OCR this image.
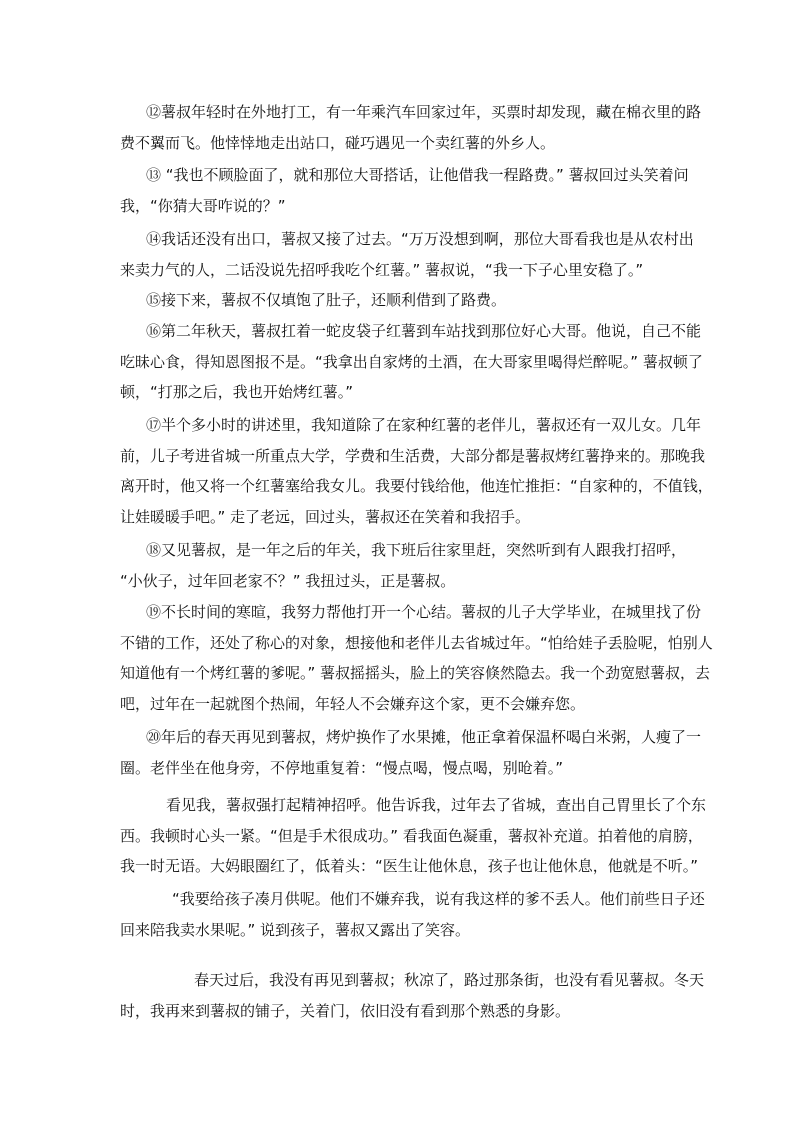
⑫薯叔年轻时在外地打工，有一年乘汽车回家过年，买票时却发现，藏在棉衣里的路
费不翼而飞。他悻悻地走出站口，碰巧遇见一个卖红薯的外乡人。
⑬ “我也不顾脸面了，就和那位大哥搭话，让他借我一程路费。” 薯叔回过头笑着问
我，“你猜大哥咋说的？”
⑭我话还没有出口，薯叔又接了过去。“万万没想到啊，那位大哥看我也是从农村出
来卖力气的人，二话没说先招呼我吃个红薯。” 薯叔说，“我一下子心里安稳了。”
⑮接下来，薯叔不仅填饱了肚子，还顺利借到了路费。
⑯第二年秋天，薯叔扛着一蛇皮袋子红薯到车站找到那位好心大哥。他说，自己不能
吃昧心食，得知恩图报不是。“我拿出自家烤的土酒，在大哥家里喝得烂醉呢。” 薯叔顿了
顿，“打那之后，我也开始烤红薯。”
⑰半个多小时的讲述里，我知道除了在家种红薯的老伴儿，薯叔还有一双儿女。几年
前，儿子考进省城一所重点大学，学费和生活费，大部分都是薯叔烤红薯挣来的。那晚我
离开时，他又将一个红薯塞给我女儿。我要付钱给他，他连忙推拒：“自家种的，不值钱，
让娃暖暖手吧。” 走了老远，回过头，薯叔还在笑着和我招手。
⑱又见薯叔，是一年之后的年关，我下班后往家里赶，突然听到有人跟我打招呼，
“小伙子，过年回老家不？” 我扭过头，正是薯叔。
⑲不长时间的寒暄，我努力帮他打开一个心结。薯叔的儿子大学毕业，在城里找了份
不错的工作，还处了称心的对象，想接他和老伴儿去省城过年。“怕给娃子丢脸呢，怕别人
知道他有一个烤红薯的爹呢。” 薯叔摇摇头，脸上的笑容倏然隐去。我一个劲宽慰薯叔，去
吧，过年在一起就图个热闹，年轻人不会嫌弃这个家，更不会嫌弃您。
⑳年后的春天再见到薯叔，烤炉换作了水果摊，他正拿着保温杯喝白米粥，人瘦了一
圈。老伴坐在他身旁，不停地重复着：“慢点喝，慢点喝，别呛着。”
看见我，薯叔强打起精神招呼。他告诉我，过年去了省城，查出自己胃里长了个东
西。我顿时心头一紧。“但是手术很成功。” 看我面色凝重，薯叔补充道。拍着他的肩膀，
我一时无语。大妈眼圈红了，低着头：“医生让他休息，孩子也让他休息，他就是不听。”
“我要给孩子凑月供呢。他们不嫌弃我，说有我这样的爹不丢人。他们前些日子还
回来陪我卖水果呢。” 说到孩子，薯叔又露出了笑容。
春天过后，我没有再见到薯叔；秋凉了，路过那条街，也没有看见薯叔。冬天
时，我再来到薯叔的铺子，关着门，依旧没有看到那个熟悉的身影。
